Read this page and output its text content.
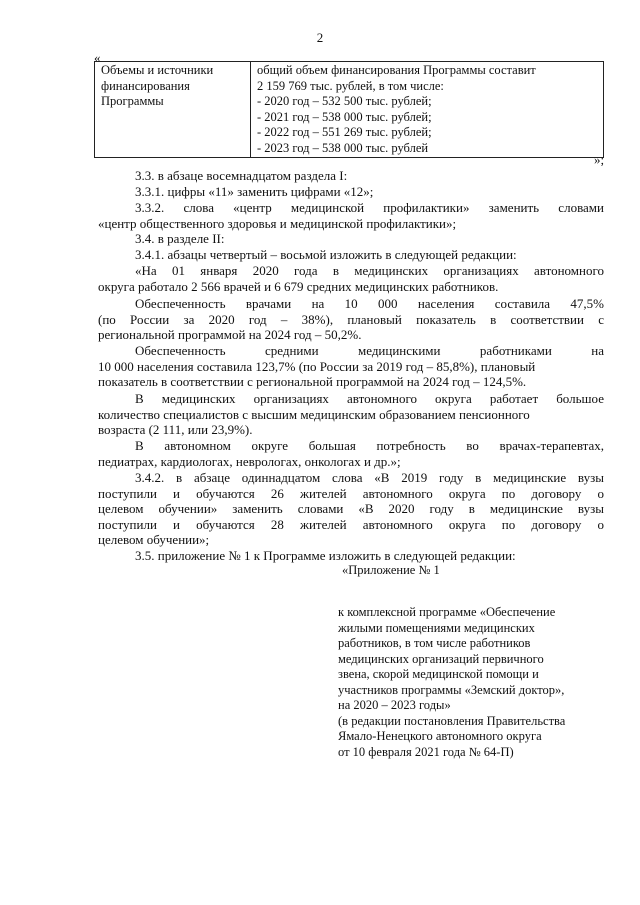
2
«
Объемы и источники
финансирования
Программы

общий объем финансирования Программы составит
2 159 769 тыс. рублей, в том числе:
- 2020 год – 532 500 тыс. рублей;
- 2021 год – 538 000 тыс. рублей;
- 2022 год – 551 269 тыс. рублей;
- 2023 год – 538 000 тыс. рублей
»;
3.3. в абзаце восемнадцатом раздела I:
3.3.1. цифры «11» заменить цифрами «12»;
3.3.2. слова «центр медицинской профилактики» заменить словами
«центр общественного здоровья и медицинской профилактики»;
3.4. в разделе II:
3.4.1. абзацы четвертый – восьмой изложить в следующей редакции:
«На 01 января 2020 года в медицинских организациях автономного
округа работало 2 566 врачей и 6 679 средних медицинских работников.
Обеспеченность врачами на 10 000 населения составила 47,5%
(по России за 2020 год – 38%), плановый показатель в соответствии с
региональной программой на 2024 год – 50,2%.
Обеспеченность средними медицинскими работниками на
10 000 населения составила 123,7% (по России за 2019 год – 85,8%), плановый
показатель в соответствии с региональной программой на 2024 год – 124,5%.
В медицинских организациях автономного округа работает большое
количество специалистов с высшим медицинским образованием пенсионного
возраста (2 111, или 23,9%).
В автономном округе большая потребность во врачах-терапевтах,
педиатрах, кардиологах, неврологах, онкологах и др.»;
3.4.2. в абзаце одиннадцатом слова «В 2019 году в медицинские вузы
поступили и обучаются 26 жителей автономного округа по договору о
целевом обучении» заменить словами «В 2020 году в медицинские вузы
поступили и обучаются 28 жителей автономного округа по договору о
целевом обучении»;
3.5. приложение № 1 к Программе изложить в следующей редакции:
«Приложение № 1
к комплексной программе «Обеспечение
жилыми помещениями медицинских
работников, в том числе работников
медицинских организаций первичного
звена, скорой медицинской помощи и
участников программы «Земский доктор»,
на 2020 – 2023 годы»
(в редакции постановления Правительства
Ямало-Ненецкого автономного округа
от 10 февраля 2021 года № 64-П)
